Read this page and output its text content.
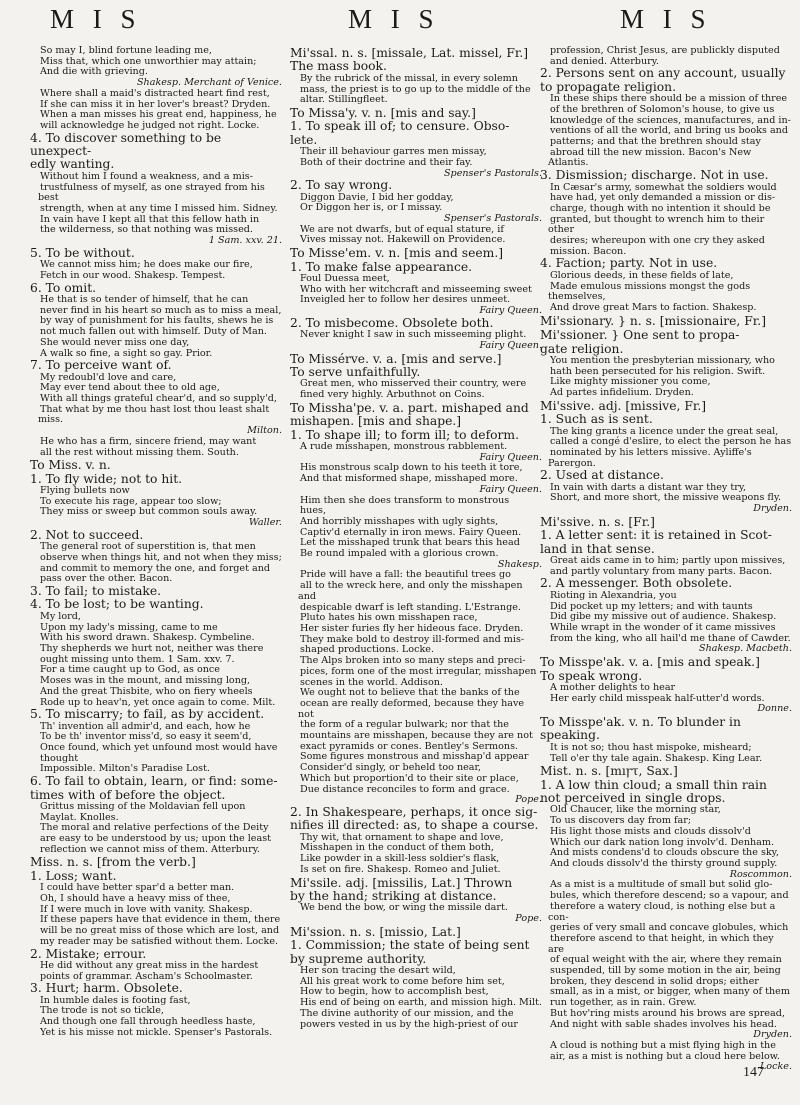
M I S	M I S	M I S

So may I, blind fortune leading me,

Miss that, which one unworthier may attain;

And die with grieving.

Shakesp. Merchant of Venice.

Where shall a maid's distracted heart find rest,

If she can miss it in her lover's breast? Dryden.

When a man misses his great end, happiness, he

will acknowledge he judged not right. Locke.

4. To discover something to be unexpect-

edly wanting.

Without him I found a weakness, and a mis-

trustfulness of myself, as one strayed from his best

strength, when at any time I missed him. Sidney.

In vain have I kept all that this fellow hath in

the wilderness, so that nothing was missed.

1 Sam. xxv. 21.

5. To be without.

We cannot miss him; he does make our fire,

Fetch in our wood. Shakesp. Tempest.

6. To omit.

He that is so tender of himself, that he can

never find in his heart so much as to miss a meal,

by way of punishment for his faults, shews he is

not much fallen out with himself. Duty of Man.

She would never miss one day,

A walk so fine, a sight so gay. Prior.

7. To perceive want of.

My redoubl'd love and care,

May ever tend about thee to old age,

With all things grateful chear'd, and so supply'd,

That what by me thou hast lost thou least shalt miss.

Milton.

He who has a firm, sincere friend, may want

all the rest without missing them. South.

To Miss. v. n.

1. To fly wide; not to hit.

Flying bullets now

To execute his rage, appear too slow;

They miss or sweep but common souls away.

Waller.

2. Not to succeed.

The general root of superstition is, that men

observe when things hit, and not when they miss;

and commit to memory the one, and forget and

pass over the other. Bacon.

3. To fail; to mistake.

4. To be lost; to be wanting.

My lord,

Upon my lady's missing, came to me

With his sword drawn. Shakesp. Cymbeline.

Thy shepherds we hurt not, neither was there

ought missing unto them. 1 Sam. xxv. 7.

For a time caught up to God, as once

Moses was in the mount, and missing long,

And the great Thisbite, who on fiery wheels

Rode up to heav'n, yet once again to come. Milt.

5. To miscarry; to fail, as by accident.

Th' invention all admir'd, and each, how he

To be th' inventor miss'd, so easy it seem'd,

Once found, which yet unfound most would have

thought

Impossible. Milton's Paradise Lost.

6. To fail to obtain, learn, or find: some-

times with of before the object.

Grittus missing of the Moldavian fell upon

Maylat. Knolles.

The moral and relative perfections of the Deity

are easy to be understood by us; upon the least

reflection we cannot miss of them. Atterbury.

Miss. n. s. [from the verb.]

1. Loss; want.

I could have better spar'd a better man.

Oh, I should have a heavy miss of thee,

If I were much in love with vanity. Shakesp.

If these papers have that evidence in them, there

will be no great miss of those which are lost, and

my reader may be satisfied without them. Locke.

2. Mistake; errour.

He did without any great miss in the hardest

points of grammar. Ascham's Schoolmaster.

3. Hurt; harm. Obsolete.

In humble dales is footing fast,

The trode is not so tickle,

And though one fall through heedless haste,

Yet is his misse not mickle. Spenser's Pastorals.

Mi'ssal. n. s. [missale, Lat. missel, Fr.]

The mass book.

By the rubrick of the missal, in every solemn

mass, the priest is to go up to the middle of the

altar. Stillingfleet.

To Missa'y. v. n. [mis and say.]

1. To speak ill of; to censure. Obso-

lete.

Their ill behaviour garres men missay,

Both of their doctrine and their fay.

Spenser's Pastorals.

2. To say wrong.

Diggon Davie, I bid her godday,

Or Diggon her is, or I missay.

Spenser's Pastorals.

We are not dwarfs, but of equal stature, if

Vives missay not. Hakewill on Providence.

To Misse'em. v. n. [mis and seem.]

1. To make false appearance.

Foul Duessa meet,

Who with her witchcraft and misseeming sweet

Inveigled her to follow her desires unmeet.

Fairy Queen.

2. To misbecome. Obsolete both.

Never knight I saw in such misseeming plight.

Fairy Queen.

To Missérve. v. a. [mis and serve.]

To serve unfaithfully.

Great men, who misserved their country, were

fined very highly. Arbuthnot on Coins.

To Missha'pe. v. a. part. mishaped and

mishapen. [mis and shape.]

1. To shape ill; to form ill; to deform.

A rude misshapen, monstrous rabblement.

Fairy Queen.

His monstrous scalp down to his teeth it tore,

And that misformed shape, misshaped more.

Fairy Queen.

Him then she does transform to monstrous

hues,

And horribly misshapes with ugly sights,

Captiv'd eternally in iron mews. Fairy Queen.

Let the misshaped trunk that bears this head

Be round impaled with a glorious crown.

Shakesp.

Pride will have a fall: the beautiful trees go

all to the wreck here, and only the misshapen and

despicable dwarf is left standing. L'Estrange.

Pluto hates his own misshapen race,

Her sister furies fly her hideous face. Dryden.

They make bold to destroy ill-formed and mis-

shaped productions. Locke.

The Alps broken into so many steps and preci-

pices, form one of the most irregular, misshapen

scenes in the world. Addison.

We ought not to believe that the banks of the

ocean are really deformed, because they have not

the form of a regular bulwark; nor that the

mountains are misshapen, because they are not

exact pyramids or cones. Bentley's Sermons.

Some figures monstrous and misshap'd appear

Consider'd singly, or beheld too near,

Which but proportion'd to their site or place,

Due distance reconciles to form and grace.

Pope.

2. In Shakespeare, perhaps, it once sig-

nifies ill directed: as, to shape a course.

Thy wit, that ornament to shape and love,

Misshapen in the conduct of them both,

Like powder in a skill-less soldier's flask,

Is set on fire. Shakesp. Romeo and Juliet.

Mi'ssile. adj. [missilis, Lat.] Thrown

by the hand; striking at distance.

We bend the bow, or wing the missile dart.

Pope.

Mi'ssion. n. s. [missio, Lat.]

1. Commission; the state of being sent

by supreme authority.

Her son tracing the desart wild,

All his great work to come before him set,

How to begin, how to accomplish best,

His end of being on earth, and mission high. Milt.

The divine authority of our mission, and the

powers vested in us by the high-priest of our

profession, Christ Jesus, are publickly disputed

and denied. Atterbury.

2. Persons sent on any account, usually

to propagate religion.

In these ships there should be a mission of three

of the brethren of Solomon's house, to give us

knowledge of the sciences, manufactures, and in-

ventions of all the world, and bring us books and

patterns; and that the brethren should stay

abroad till the new mission. Bacon's New Atlantis.

3. Dismission; discharge. Not in use.

In Cæsar's army, somewhat the soldiers would

have had, yet only demanded a mission or dis-

charge, though with no intention it should be

granted, but thought to wrench him to their other

desires; whereupon with one cry they asked

mission. Bacon.

4. Faction; party. Not in use.

Glorious deeds, in these fields of late,

Made emulous missions mongst the gods themselves,

And drove great Mars to faction. Shakesp.

Mi'ssionary. } n. s. [missionaire, Fr.]

Mi'ssioner. } One sent to propa-

gate religion.

You mention the presbyterian missionary, who

hath been persecuted for his religion. Swift.

Like mighty missioner you come,

Ad partes infidelium. Dryden.

Mi'ssive. adj. [missive, Fr.]

1. Such as is sent.

The king grants a licence under the great seal,

called a congé d'eslire, to elect the person he has

nominated by his letters missive. Ayliffe's Parergon.

2. Used at distance.

In vain with darts a distant war they try,

Short, and more short, the missive weapons fly.

Dryden.

Mi'ssive. n. s. [Fr.]

1. A letter sent: it is retained in Scot-

land in that sense.

Great aids came in to him; partly upon missives,

and partly voluntary from many parts. Bacon.

2. A messenger. Both obsolete.

Rioting in Alexandria, you

Did pocket up my letters; and with taunts

Did gibe my missive out of audience. Shakesp.

While wrapt in the wonder of it came missives

from the king, who all hail'd me thane of Cawder.

Shakesp. Macbeth.

To Misspe'ak. v. a. [mis and speak.]

To speak wrong.

A mother delights to hear

Her early child misspeak half-utter'd words.

Donne.

To Misspe'ak. v. n. To blunder in

speaking.

It is not so; thou hast mispoke, misheard;

Tell o'er thy tale again. Shakesp. King Lear.

Mist. n. s. [mıꞅτ, Sax.]

1. A low thin cloud; a small thin rain

not perceived in single drops.

Old Chaucer, like the morning star,

To us discovers day from far;

His light those mists and clouds dissolv'd

Which our dark nation long involv'd. Denham.

And mists condens'd to clouds obscure the sky,

And clouds dissolv'd the thirsty ground supply.

Roscommon.

As a mist is a multitude of small but solid glo-

bules, which therefore descend; so a vapour, and

therefore a watery cloud, is nothing else but a con-

geries of very small and concave globules, which

therefore ascend to that height, in which they are

of equal weight with the air, where they remain

suspended, till by some motion in the air, being

broken, they descend in solid drops; either

small, as in a mist, or bigger, when many of them

run together, as in rain. Grew.

But hov'ring mists around his brows are spread,

And night with sable shades involves his head.

Dryden.

A cloud is nothing but a mist flying high in the

air, as a mist is nothing but a cloud here below.

Locke.

147
